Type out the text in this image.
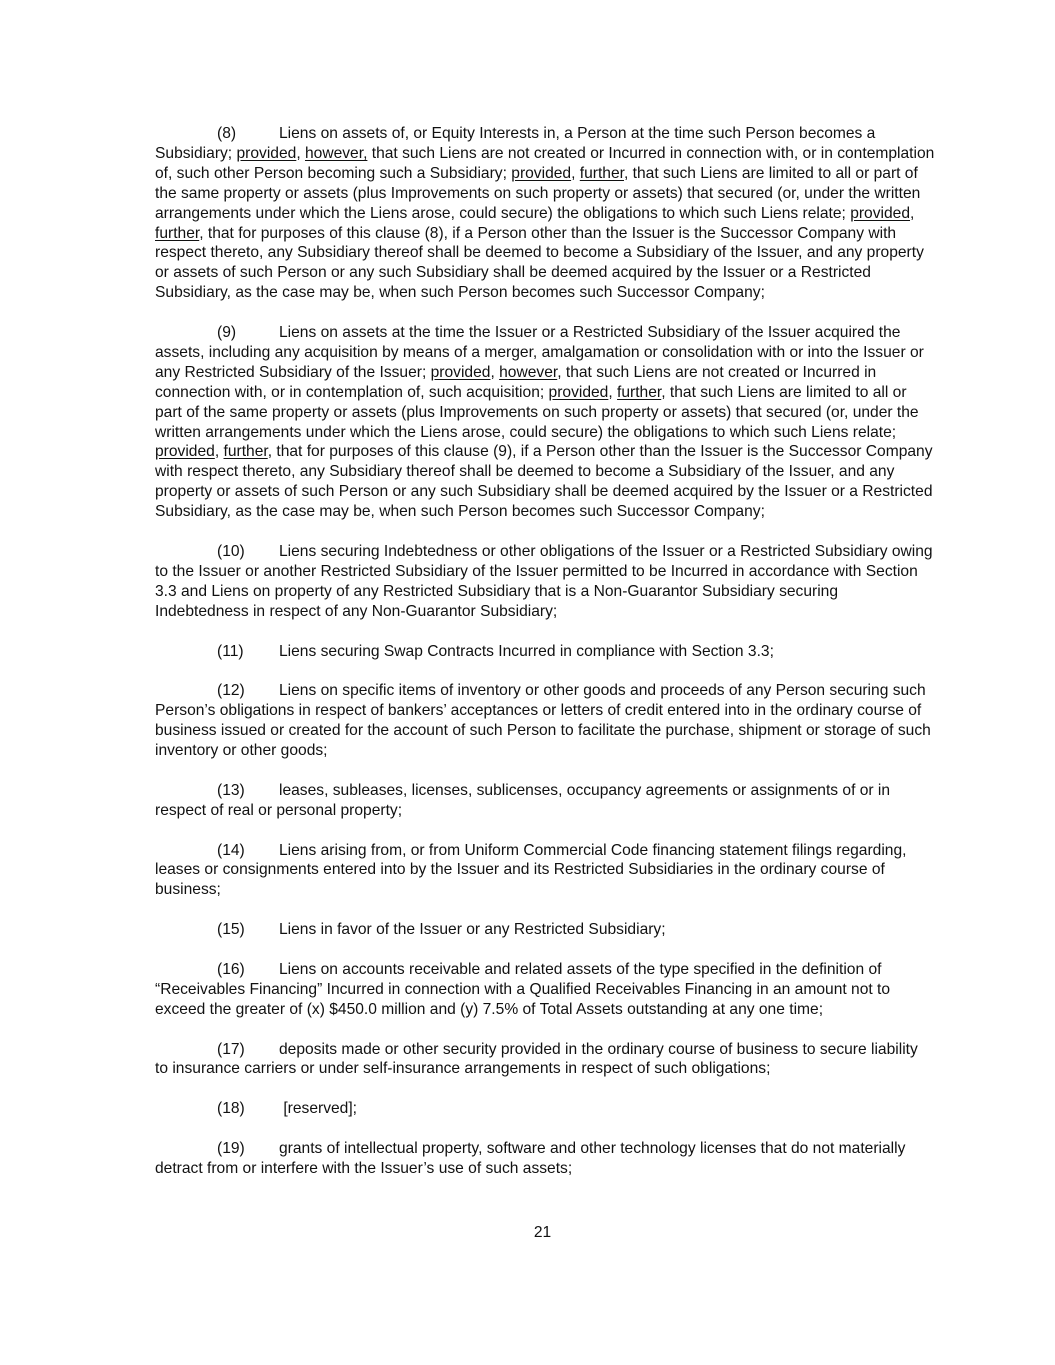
(8)	Liens on assets of, or Equity Interests in, a Person at the time such Person becomes a Subsidiary; provided, however, that such Liens are not created or Incurred in connection with, or in contemplation of, such other Person becoming such a Subsidiary; provided, further, that such Liens are limited to all or part of the same property or assets (plus Improvements on such property or assets) that secured (or, under the written arrangements under which the Liens arose, could secure) the obligations to which such Liens relate; provided, further, that for purposes of this clause (8), if a Person other than the Issuer is the Successor Company with respect thereto, any Subsidiary thereof shall be deemed to become a Subsidiary of the Issuer, and any property or assets of such Person or any such Subsidiary shall be deemed acquired by the Issuer or a Restricted Subsidiary, as the case may be, when such Person becomes such Successor Company;

(9)	Liens on assets at the time the Issuer or a Restricted Subsidiary of the Issuer acquired the assets, including any acquisition by means of a merger, amalgamation or consolidation with or into the Issuer or any Restricted Subsidiary of the Issuer; provided, however, that such Liens are not created or Incurred in connection with, or in contemplation of, such acquisition; provided, further, that such Liens are limited to all or part of the same property or assets (plus Improvements on such property or assets) that secured (or, under the written arrangements under which the Liens arose, could secure) the obligations to which such Liens relate; provided, further, that for purposes of this clause (9), if a Person other than the Issuer is the Successor Company with respect thereto, any Subsidiary thereof shall be deemed to become a Subsidiary of the Issuer, and any property or assets of such Person or any such Subsidiary shall be deemed acquired by the Issuer or a Restricted Subsidiary, as the case may be, when such Person becomes such Successor Company;

(10) Liens securing Indebtedness or other obligations of the Issuer or a Restricted Subsidiary owing to the Issuer or another Restricted Subsidiary of the Issuer permitted to be Incurred in accordance with Section 3.3 and Liens on property of any Restricted Subsidiary that is a Non-Guarantor Subsidiary securing Indebtedness in respect of any Non-Guarantor Subsidiary;

(11) Liens securing Swap Contracts Incurred in compliance with Section 3.3;

(12) Liens on specific items of inventory or other goods and proceeds of any Person securing such Person’s obligations in respect of bankers’ acceptances or letters of credit entered into in the ordinary course of business issued or created for the account of such Person to facilitate the purchase, shipment or storage of such inventory or other goods;

(13) leases, subleases, licenses, sublicenses, occupancy agreements or assignments of or in respect of real or personal property;

(14) Liens arising from, or from Uniform Commercial Code financing statement filings regarding, leases or consignments entered into by the Issuer and its Restricted Subsidiaries in the ordinary course of business;

(15) Liens in favor of the Issuer or any Restricted Subsidiary;

(16) Liens on accounts receivable and related assets of the type specified in the definition of “Receivables Financing” Incurred in connection with a Qualified Receivables Financing in an amount not to exceed the greater of (x) $450.0 million and (y) 7.5% of Total Assets outstanding at any one time;

(17) deposits made or other security provided in the ordinary course of business to secure liability to insurance carriers or under self-insurance arrangements in respect of such obligations;

(18) [reserved];

(19) grants of intellectual property, software and other technology licenses that do not materially detract from or interfere with the Issuer’s use of such assets;

21
